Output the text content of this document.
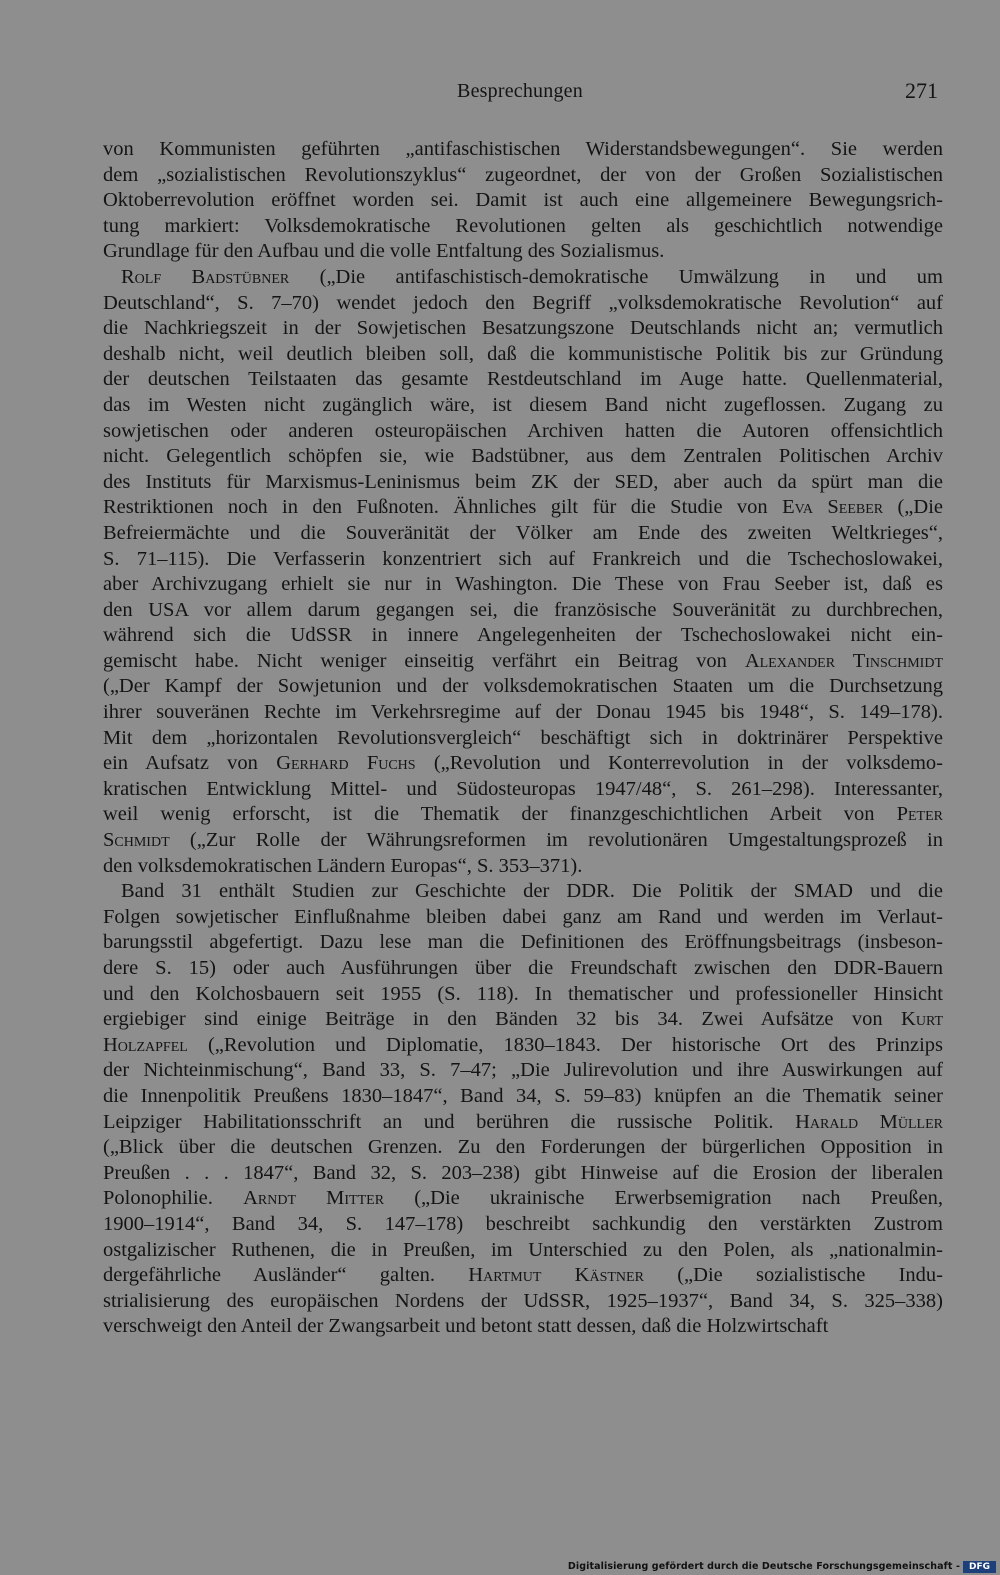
Besprechungen	271
von Kommunisten geführten „antifaschistischen Widerstandsbewegungen“. Sie werden
dem „sozialistischen Revolutionszyklus“ zugeordnet, der von der Großen Sozialistischen
Oktoberrevolution eröffnet worden sei. Damit ist auch eine allgemeinere Bewegungsrich-
tung markiert: Volksdemokratische Revolutionen gelten als geschichtlich notwendige
Grundlage für den Aufbau und die volle Entfaltung des Sozialismus.
Rolf Badstübner („Die antifaschistisch-demokratische Umwälzung in und um
Deutschland“, S. 7–70) wendet jedoch den Begriff „volksdemokratische Revolution“ auf
die Nachkriegszeit in der Sowjetischen Besatzungszone Deutschlands nicht an; vermutlich
deshalb nicht, weil deutlich bleiben soll, daß die kommunistische Politik bis zur Gründung
der deutschen Teilstaaten das gesamte Restdeutschland im Auge hatte. Quellenmaterial,
das im Westen nicht zugänglich wäre, ist diesem Band nicht zugeflossen. Zugang zu
sowjetischen oder anderen osteuropäischen Archiven hatten die Autoren offensichtlich
nicht. Gelegentlich schöpfen sie, wie Badstübner, aus dem Zentralen Politischen Archiv
des Instituts für Marxismus-Leninismus beim ZK der SED, aber auch da spürt man die
Restriktionen noch in den Fußnoten. Ähnliches gilt für die Studie von Eva Seeber („Die
Befreiermächte und die Souveränität der Völker am Ende des zweiten Weltkrieges“,
S. 71–115). Die Verfasserin konzentriert sich auf Frankreich und die Tschechoslowakei,
aber Archivzugang erhielt sie nur in Washington. Die These von Frau Seeber ist, daß es
den USA vor allem darum gegangen sei, die französische Souveränität zu durchbrechen,
während sich die UdSSR in innere Angelegenheiten der Tschechoslowakei nicht ein-
gemischt habe. Nicht weniger einseitig verfährt ein Beitrag von Alexander Tinschmidt
(„Der Kampf der Sowjetunion und der volksdemokratischen Staaten um die Durchsetzung
ihrer souveränen Rechte im Verkehrsregime auf der Donau 1945 bis 1948“, S. 149–178).
Mit dem „horizontalen Revolutionsvergleich“ beschäftigt sich in doktrinärer Perspektive
ein Aufsatz von Gerhard Fuchs („Revolution und Konterrevolution in der volksdemo-
kratischen Entwicklung Mittel- und Südosteuropas 1947/48“, S. 261–298). Interessanter,
weil wenig erforscht, ist die Thematik der finanzgeschichtlichen Arbeit von Peter
Schmidt („Zur Rolle der Währungsreformen im revolutionären Umgestaltungsprozeß in
den volksdemokratischen Ländern Europas“, S. 353–371).
Band 31 enthält Studien zur Geschichte der DDR. Die Politik der SMAD und die
Folgen sowjetischer Einflußnahme bleiben dabei ganz am Rand und werden im Verlaut-
barungsstil abgefertigt. Dazu lese man die Definitionen des Eröffnungsbeitrags (insbeson-
dere S. 15) oder auch Ausführungen über die Freundschaft zwischen den DDR-Bauern
und den Kolchosbauern seit 1955 (S. 118). In thematischer und professioneller Hinsicht
ergiebiger sind einige Beiträge in den Bänden 32 bis 34. Zwei Aufsätze von Kurt
Holzapfel („Revolution und Diplomatie, 1830–1843. Der historische Ort des Prinzips
der Nichteinmischung“, Band 33, S. 7–47; „Die Julirevolution und ihre Auswirkungen auf
die Innenpolitik Preußens 1830–1847“, Band 34, S. 59–83) knüpfen an die Thematik seiner
Leipziger Habilitationsschrift an und berühren die russische Politik. Harald Müller
(„Blick über die deutschen Grenzen. Zu den Forderungen der bürgerlichen Opposition in
Preußen . . . 1847“, Band 32, S. 203–238) gibt Hinweise auf die Erosion der liberalen
Polonophilie. Arndt Mitter („Die ukrainische Erwerbsemigration nach Preußen,
1900–1914“, Band 34, S. 147–178) beschreibt sachkundig den verstärkten Zustrom
ostgalizischer Ruthenen, die in Preußen, im Unterschied zu den Polen, als „nationalmin-
dergefährliche Ausländer“ galten. Hartmut Kästner („Die sozialistische Indu-
strialisierung des europäischen Nordens der UdSSR, 1925–1937“, Band 34, S. 325–338)
verschweigt den Anteil der Zwangsarbeit und betont statt dessen, daß die Holzwirtschaft
Digitalisierung gefördert durch die Deutsche Forschungsgemeinschaft - DFG
